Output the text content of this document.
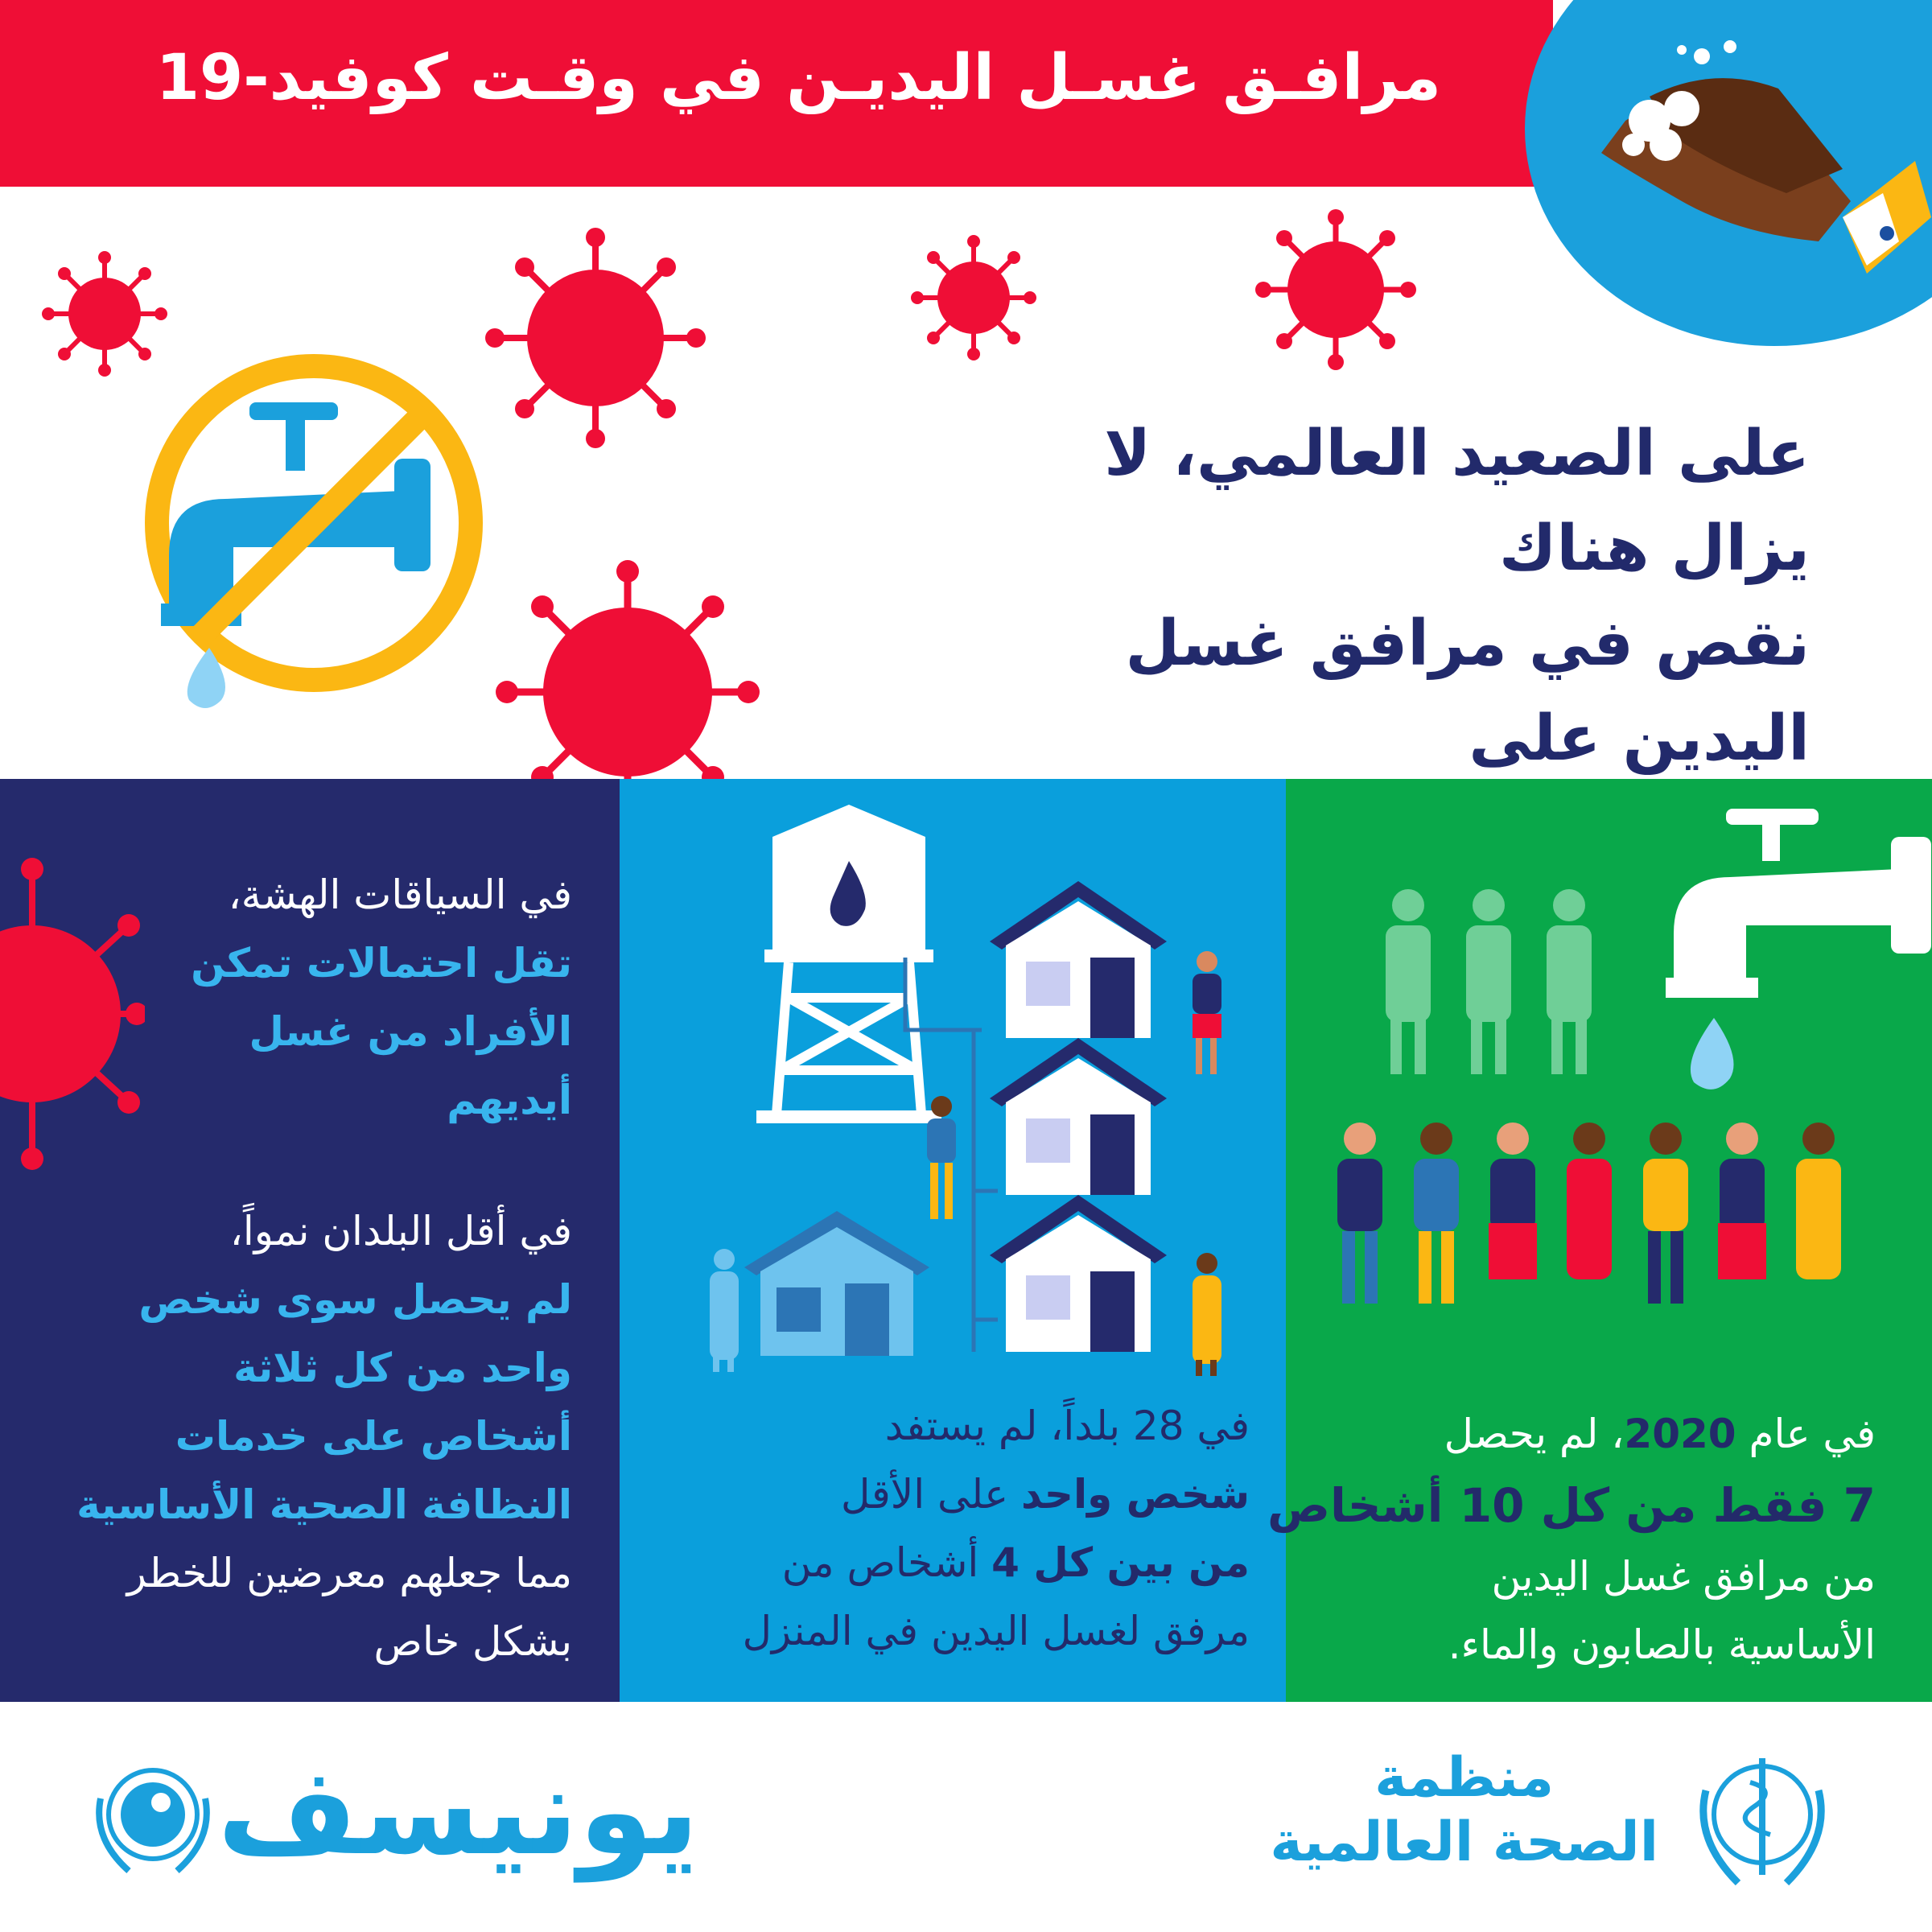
مرافـق غسـل اليديـن في وقـت كوفيد-19
على الصعيد العالمي، لا يزال هناك
نقص في مرافق غسل اليدين على
في السياقات الهشة،
تقل احتمالات تمكن الأفراد من غسل أيديهم
في أقل البلدان نمواً،
لم يحصل سوى شخص واحد من كل ثلاثة أشخاص على خدمات النظافة الصحية الأساسية
مما جعلهم معرضين للخطر بشكل خاص
في 28 بلداً، لم يستفد
شخص واحد على الأقل
من بين كل 4 أشخاص من
مرفق لغسل اليدين في المنزل
في عام 2020، لم يحصل
7 فقط من كل 10 أشخاص
من مرافق غسل اليدين
الأساسية بالصابون والماء.
يونيسف	منظمة
الصحة العالمية
